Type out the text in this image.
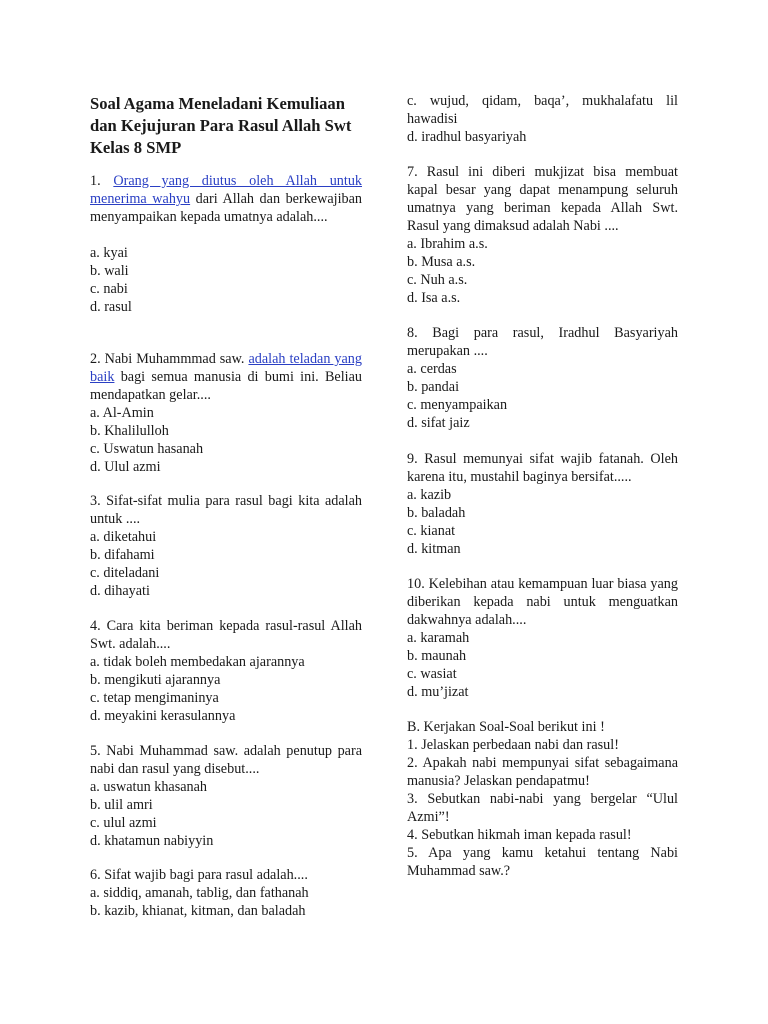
Soal Agama Meneladani Kemuliaan dan Kejujuran Para Rasul Allah Swt Kelas 8 SMP

1. Orang yang diutus oleh Allah untuk menerima wahyu dari Allah dan berkewajiban menyampaikan kepada umatnya adalah....

a. kyai

b. wali

c. nabi

d. rasul

2. Nabi Muhammmad saw. adalah teladan yang baik bagi semua manusia di bumi ini. Beliau mendapatkan gelar....

a. Al-Amin

b. Khalilulloh

c. Uswatun hasanah

d. Ulul azmi

3. Sifat-sifat mulia para rasul bagi kita adalah untuk ....

a. diketahui

b. difahami

c. diteladani

d. dihayati

4. Cara kita beriman kepada rasul-rasul Allah Swt. adalah....

a. tidak boleh membedakan ajarannya

b. mengikuti ajarannya

c. tetap mengimaninya

d. meyakini kerasulannya

5. Nabi Muhammad saw. adalah penutup para nabi dan rasul yang disebut....

a. uswatun khasanah

b. ulil amri

c. ulul azmi

d. khatamun nabiyyin

6. Sifat wajib bagi para rasul adalah....

a. siddiq, amanah, tablig, dan fathanah

b. kazib, khianat, kitman, dan baladah

c. wujud, qidam, baqa’, mukhalafatu lil hawadisi

d. iradhul basyariyah

7. Rasul ini diberi mukjizat bisa membuat kapal besar yang dapat menampung seluruh umatnya yang beriman kepada Allah Swt. Rasul yang dimaksud adalah Nabi ....

a. Ibrahim a.s.

b. Musa a.s.

c. Nuh a.s.

d. Isa a.s.

8. Bagi para rasul, Iradhul Basyariyah merupakan ....

a. cerdas

b. pandai

c. menyampaikan

d. sifat jaiz

9. Rasul memunyai sifat wajib fatanah. Oleh karena itu, mustahil baginya bersifat.....

a. kazib

b. baladah

c. kianat

d. kitman

10. Kelebihan atau kemampuan luar biasa yang diberikan kepada nabi untuk menguatkan dakwahnya adalah....

a. karamah

b. maunah

c. wasiat

d. mu’jizat

B. Kerjakan Soal-Soal berikut ini !

1. Jelaskan perbedaan nabi dan rasul!

2. Apakah nabi mempunyai sifat sebagaimana manusia? Jelaskan pendapatmu!

3. Sebutkan nabi-nabi yang bergelar “Ulul Azmi”!

4. Sebutkan hikmah iman kepada rasul!

5. Apa yang kamu ketahui tentang Nabi Muhammad saw.?
